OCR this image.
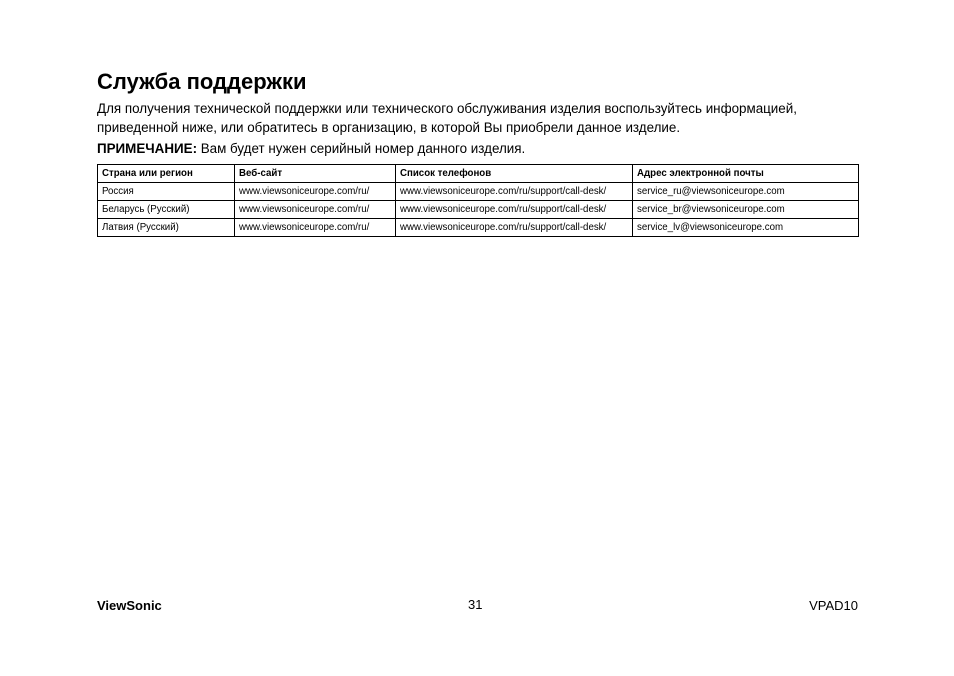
Служба поддержки

Для получения технической поддержки или технического обслуживания изделия воспользуйтесь информацией, приведенной ниже, или обратитесь в организацию, в которой Вы приобрели данное изделие.

ПРИМЕЧАНИЕ: Вам будет нужен серийный номер данного изделия.

Страна или регион	Веб-сайт	Список телефонов	Адрес электронной почты
Россия	www.viewsoniceurope.com/ru/	www.viewsoniceurope.com/ru/support/call-desk/	service_ru@viewsoniceurope.com
Беларусь (Русский)	www.viewsoniceurope.com/ru/	www.viewsoniceurope.com/ru/support/call-desk/	service_br@viewsoniceurope.com
Латвия (Русский)	www.viewsoniceurope.com/ru/	www.viewsoniceurope.com/ru/support/call-desk/	service_lv@viewsoniceurope.com
ViewSonic	31	VPAD10
